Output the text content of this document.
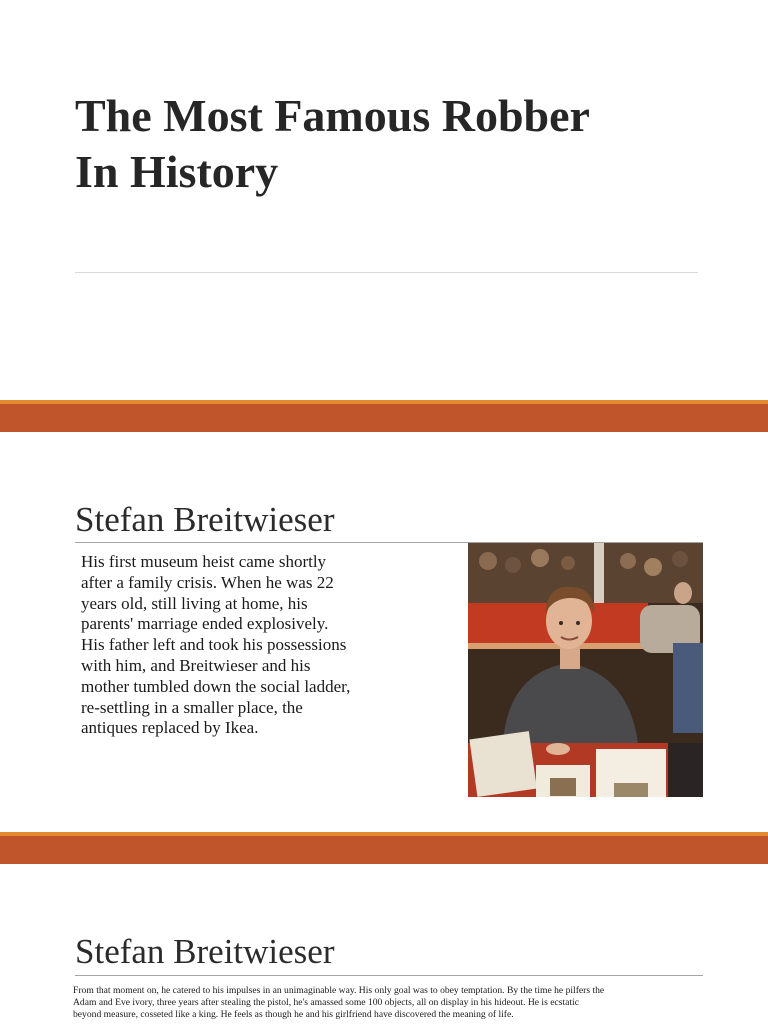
The Most Famous Robber
In History
Stefan Breitwieser

His first museum heist came shortly
after a family crisis. When he was 22
years old, still living at home, his
parents' marriage ended explosively.
His father left and took his possessions
with him, and Breitwieser and his
mother tumbled down the social ladder,
re-settling in a smaller place, the
antiques replaced by Ikea.

Stefan Breitwieser

From that moment on, he catered to his impulses in an unimaginable way. His only goal was to obey temptation. By the time he pilfers the
Adam and Eve ivory, three years after stealing the pistol, he's amassed some 100 objects, all on display in his hideout. He is ecstatic
beyond measure, cosseted like a king. He feels as though he and his girlfriend have discovered the meaning of life.
